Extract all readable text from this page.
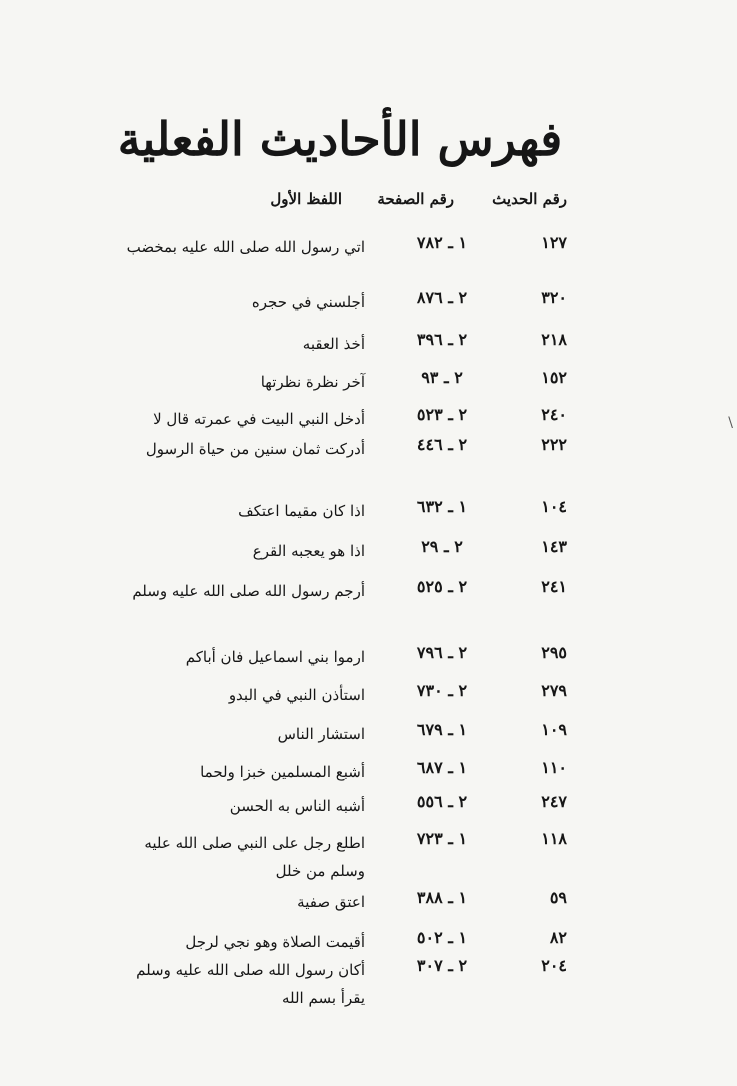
فهرس الأحاديث الفعلية
رقم الحديث
رقم الصفحة
اللفظ الأول
\
١٢٧
١ ـ ٧٨٢
اتي رسول الله صلى الله عليه بمخضب
٣٢٠
٢ ـ ٨٧٦
أجلسني في حجره
٢١٨
٢ ـ ٣٩٦
أخذ العقبه
١٥٢
٢ ـ ٩٣
آخر نظرة نظرتها
٢٤٠
٢ ـ ٥٢٣
أدخل النبي البيت في عمرته قال لا
٢٢٢
٢ ـ ٤٤٦
أدركت ثمان سنين من حياة الرسول
١٠٤
١ ـ ٦٣٢
اذا كان مقيما اعتكف
١٤٣
٢ ـ ٢٩
اذا هو يعجبه القرع
٢٤١
٢ ـ ٥٢٥
أرجم رسول الله صلى الله عليه وسلم
٢٩٥
٢ ـ ٧٩٦
ارموا بني اسماعيل فان أباكم
٢٧٩
٢ ـ ٧٣٠
استأذن النبي في البدو
١٠٩
١ ـ ٦٧٩
استشار الناس
١١٠
١ ـ ٦٨٧
أشبع المسلمين خبزا ولحما
٢٤٧
٢ ـ ٥٥٦
أشبه الناس به الحسن
١١٨
١ ـ ٧٢٣
اطلع رجل على النبي صلى الله عليه وسلم من خلل
٥٩
١ ـ ٣٨٨
اعتق صفية
٨٢
١ ـ ٥٠٢
أقيمت الصلاة وهو نجي لرجل
٢٠٤
٢ ـ ٣٠٧
أكان رسول الله صلى الله عليه وسلم يقرأ بسم الله
